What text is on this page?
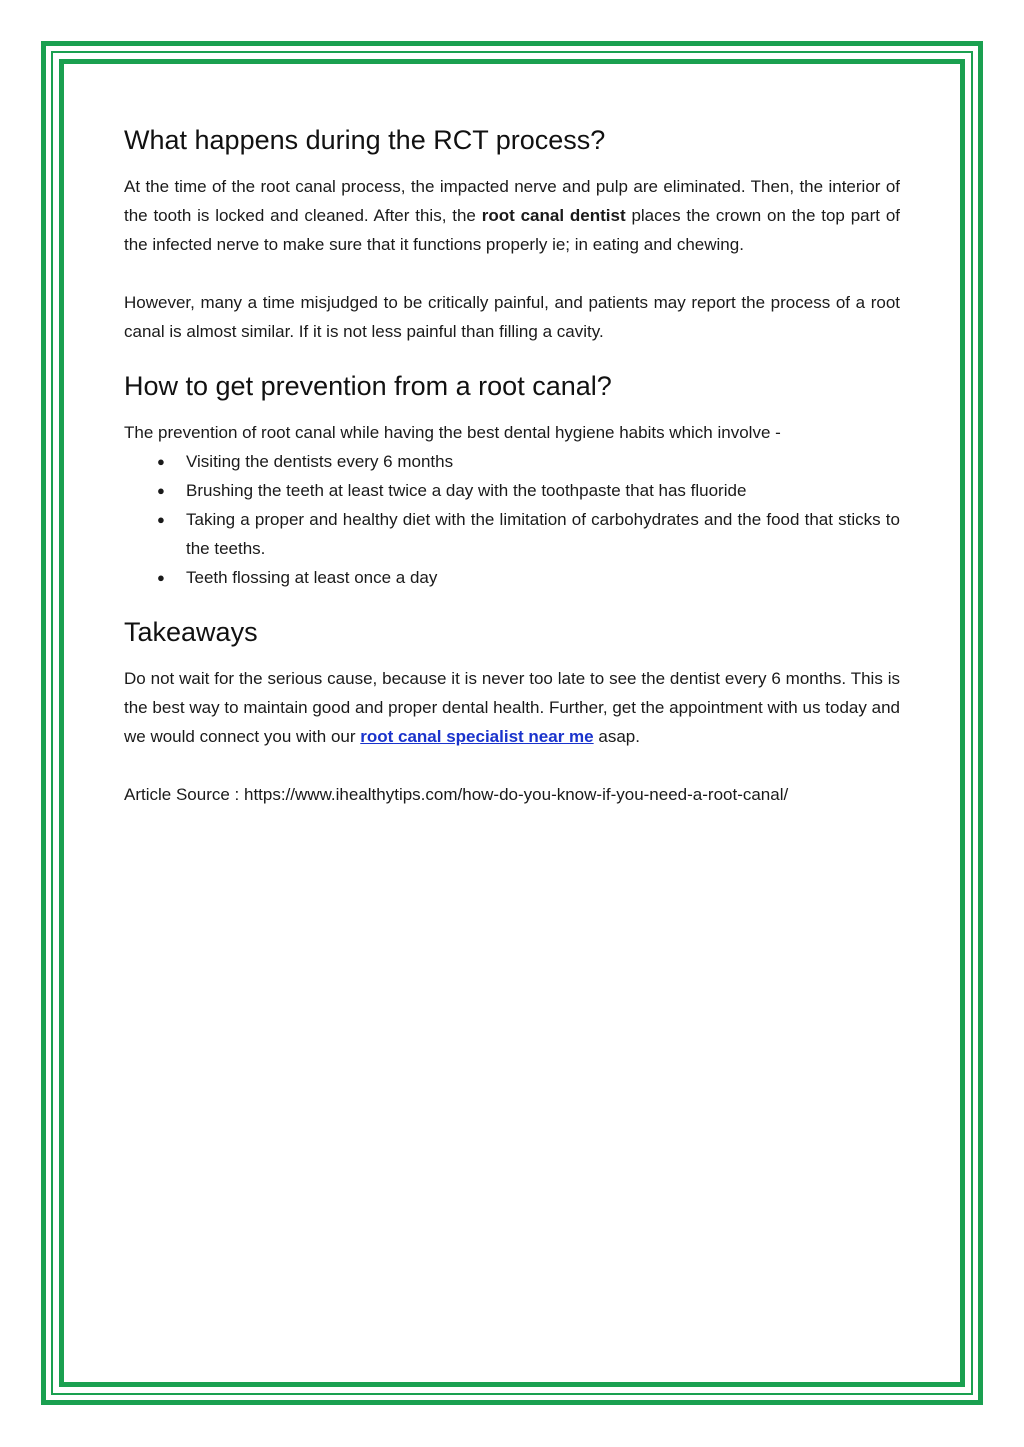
What happens during the RCT process?

At the time of the root canal process, the impacted nerve and pulp are eliminated. Then, the interior of the tooth is locked and cleaned. After this, the root canal dentist places the crown on the top part of the infected nerve to make sure that it functions properly ie; in eating and chewing.

However, many a time misjudged to be critically painful, and patients may report the process of a root canal is almost similar. If it is not less painful than filling a cavity.

How to get prevention from a root canal?

The prevention of root canal while having the best dental hygiene habits which involve -

● Visiting the dentists every 6 months
● Brushing the teeth at least twice a day with the toothpaste that has fluoride
● Taking a proper and healthy diet with the limitation of carbohydrates and the food that sticks to the teeths.
● Teeth flossing at least once a day
Takeaways

Do not wait for the serious cause, because it is never too late to see the dentist every 6 months. This is the best way to maintain good and proper dental health. Further, get the appointment with us today and we would connect you with our root canal specialist near me asap.

Article Source : https://www.ihealthytips.com/how-do-you-know-if-you-need-a-root-canal/
